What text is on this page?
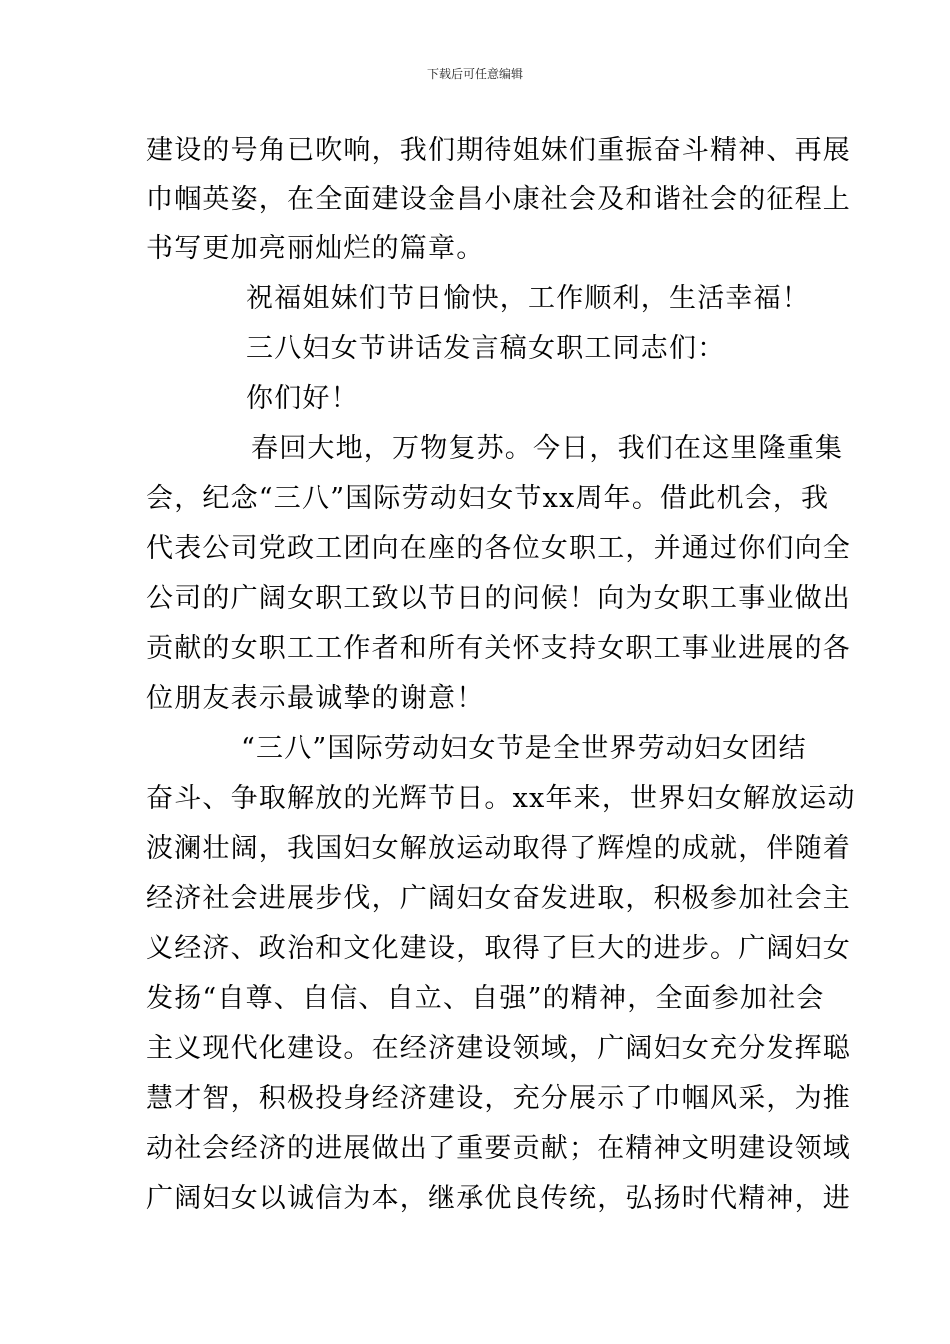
下载后可任意编辑
建设的号角已吹响，我们期待姐妹们重振奋斗精神、再展
巾帼英姿，在全面建设金昌小康社会及和谐社会的征程上
书写更加亮丽灿烂的篇章。
祝福姐妹们节日愉快，工作顺利，生活幸福！
三八妇女节讲话发言稿女职工同志们：
你们好！
春回大地，万物复苏。今日，我们在这里隆重集
会，纪念“三八”国际劳动妇女节xx周年。借此机会，我
代表公司党政工团向在座的各位女职工，并通过你们向全
公司的广阔女职工致以节日的问候！向为女职工事业做出
贡献的女职工工作者和所有关怀支持女职工事业进展的各
位朋友表示最诚挚的谢意！
“三八”国际劳动妇女节是全世界劳动妇女团结
奋斗、争取解放的光辉节日。xx年来，世界妇女解放运动
波澜壮阔，我国妇女解放运动取得了辉煌的成就，伴随着
经济社会进展步伐，广阔妇女奋发进取，积极参加社会主
义经济、政治和文化建设，取得了巨大的进步。广阔妇女
发扬“自尊、自信、自立、自强”的精神，全面参加社会
主义现代化建设。在经济建设领域，广阔妇女充分发挥聪
慧才智，积极投身经济建设，充分展示了巾帼风采，为推
动社会经济的进展做出了重要贡献；在精神文明建设领域
广阔妇女以诚信为本，继承优良传统，弘扬时代精神，进
